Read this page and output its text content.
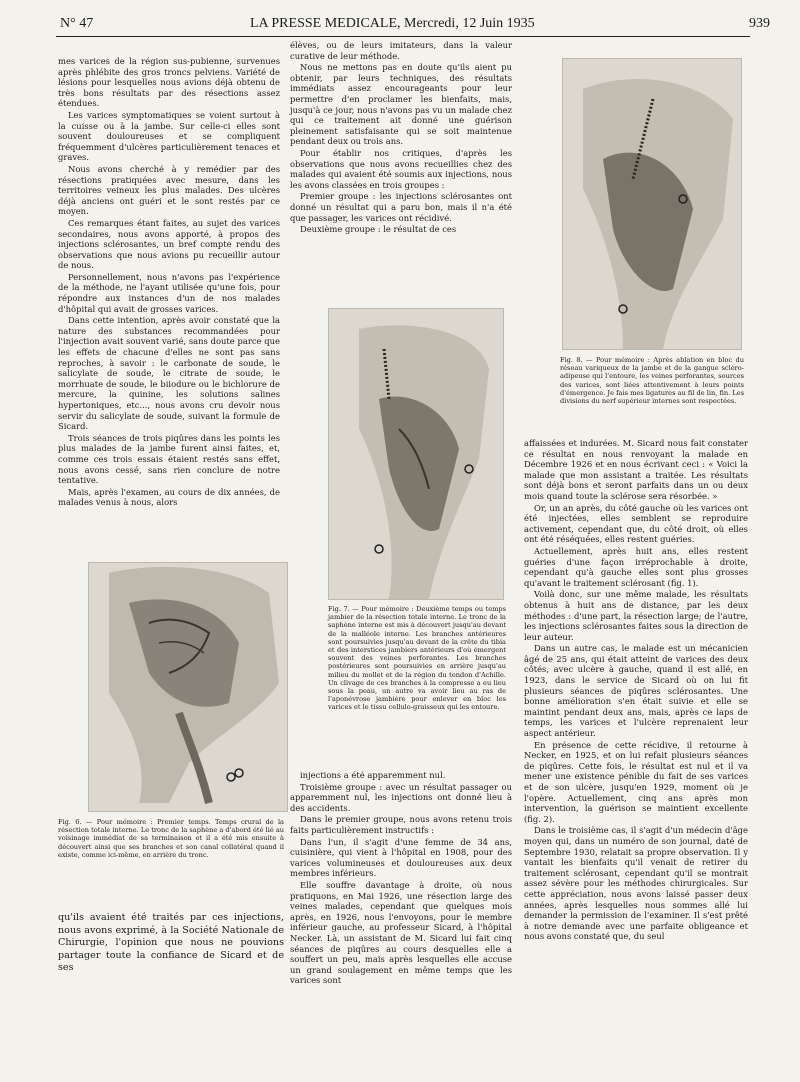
N° 47	LA PRESSE MEDICALE, Mercredi, 12 Juin 1935	939

mes varices de la région sus-pubienne, survenues après phlébite des gros troncs pelviens. Variété de lésions pour lesquelles nous avions déjà obtenu de très bons résultats par des résections assez étendues.

Les varices symptomatiques se voient surtout à la cuisse ou à la jambe. Sur celle-ci elles sont souvent douloureuses et se compliquent fréquemment d'ulcères particulièrement tenaces et graves.

Nous avons cherché à y remédier par des résections pratiquées avec mesure, dans les territoires veineux les plus malades. Des ulcères déjà anciens ont guéri et le sont restés par ce moyen.

Ces remarques étant faites, au sujet des varices secondaires, nous avons apporté, à propos des injections sclérosantes, un bref compte rendu des observations que nous avions pu recueillir autour de nous.

Personnellement, nous n'avons pas l'expérience de la méthode, ne l'ayant utilisée qu'une fois, pour répondre aux instances d'un de nos malades d'hôpital qui avait de grosses varices.

Dans cette intention, après avoir constaté que la nature des substances recommandées pour l'injection avait souvent varié, sans doute parce que les effets de chacune d'elles ne sont pas sans reproches, à savoir : le carbonate de soude, le salicylate de soude, le citrate de soude, le morrhuate de soude, le biiodure ou le bichlorure de mercure, la quinine, les solutions salines hypertoniques, etc..., nous avons cru devoir nous servir du salicylate de soude, suivant la formule de Sicard.

Trois séances de trois piqûres dans les points les plus malades de la jambe furent ainsi faites, et, comme ces trois essais étaient restés sans effet, nous avons cessé, sans rien conclure de notre tentative.

Mais, après l'examen, au cours de dix années, de malades venus à nous, alors

Fig. 6. — Pour mémoire : Premier temps. Temps crural de la résection totale interne. Le tronc de la saphène a d'abord été lié au voisinage immédiat de sa terminaison et il a été mis ensuite à découvert ainsi que ses branches et son canal collatéral quand il existe, comme ici-même, en arrière du tronc.

qu'ils avaient été traités par ces injections, nous avons exprimé, à la Société Nationale de Chirurgie, l'opinion que nous ne pouvions partager toute la confiance de Sicard et de ses

élèves, ou de leurs imitateurs, dans la valeur curative de leur méthode.

Nous ne mettons pas en doute qu'ils aient pu obtenir, par leurs techniques, des résultats immédiats assez encourageants pour leur permettre d'en proclamer les bienfaits, mais, jusqu'à ce jour, nous n'avons pas vu un malade chez qui ce traitement ait donné une guérison pleinement satisfaisante qui se soit maintenue pendant deux ou trois ans.

Pour établir nos critiques, d'après les observations que nous avons recueillies chez des malades qui avaient été soumis aux injections, nous les avons classées en trois groupes :

Premier groupe : les injections sclérosantes ont donné un résultat qui a paru bon, mais il n'a été que passager, les varices ont récidivé.

Deuxième groupe : le résultat de ces

Fig. 7. — Pour mémoire : Deuxième temps ou temps jambier de la résection totale interne. Le tronc de la saphène interne est mis à découvert jusqu'au devant de la malléole interne. Les branches antérieures sont poursuivies jusqu'au devant de la crête du tibia et des interstices jambiers antérieurs d'où émergent souvent des veines perforantes. Les branches postérieures sont poursuivies en arrière jusqu'au milieu du mollet et de la région du tendon d'Achille. Un clivage de ces branches à la compresse a eu lieu sous la peau, un autre va avoir lieu au ras de l'aponévrose jambière pour enlever en bloc les varices et le tissu cellulo-graisseux qui les entoure.

injections a été apparemment nul.

Troisième groupe : avec un résultat passager ou apparemment nul, les injections ont donné lieu à des accidents.

Dans le premier groupe, nous avons retenu trois faits particulièrement instructifs :

Dans l'un, il s'agit d'une femme de 34 ans, cuisinière, qui vient à l'hôpital en 1908, pour des varices volumineuses et douloureuses aux deux membres inférieurs.

Elle souffre davantage à droite, où nous pratiquons, en Mai 1926, une résection large des veines malades, cependant que quelques mois après, en 1926, nous l'envoyons, pour le membre inférieur gauche, au professeur Sicard, à l'hôpital Necker. Là, un assistant de M. Sicard lui fait cinq séances de piqûres au cours desquelles elle a souffert un peu, mais après lesquelles elle accuse un grand soulagement en même temps que les varices sont

Fig. 8. — Pour mémoire : Après ablation en bloc du réseau variqueux de la jambe et de la gangue scléro-adipeuse qui l'entoure, les veines perforantes, sources des varices, sont liées attentivement à leurs points d'émergence. Je fais mes ligatures au fil de lin, fin. Les divisions du nerf supérieur internes sont respectées.

affaissées et indurées. M. Sicard nous fait constater ce résultat en nous renvoyant la malade en Décembre 1926 et en nous écrivant ceci : « Voici la malade que mon assistant a traitée. Les résultats sont déjà bons et seront parfaits dans un ou deux mois quand toute la sclérose sera résorbée. »

Or, un an après, du côté gauche où les varices ont été injectées, elles semblent se reproduire activement, cependant que, du côté droit, où elles ont été réséquées, elles restent guéries.

Actuellement, après huit ans, elles restent guéries d'une façon irréprochable à droite, cependant qu'à gauche elles sont plus grosses qu'avant le traitement sclérosant (fig. 1).

Voilà donc, sur une même malade, les résultats obtenus à huit ans de distance, par les deux méthodes : d'une part, la résection large; de l'autre, les injections sclérosantes faites sous la direction de leur auteur.

Dans un autre cas, le malade est un mécanicien âgé de 25 ans, qui était atteint de varices des deux côtés, avec ulcère à gauche, quand il est allé, en 1923, dans le service de Sicard où on lui fit plusieurs séances de piqûres sclérosantes. Une bonne amélioration s'en était suivie et elle se maintint pendant deux ans, mais, après ce laps de temps, les varices et l'ulcère reprenaient leur aspect antérieur.

En présence de cette récidive, il retourne à Necker, en 1925, et on lui refait plusieurs séances de piqûres. Cette fois, le résultat est nul et il va mener une existence pénible du fait de ses varices et de son ulcère, jusqu'en 1929, moment où je l'opère. Actuellement, cinq ans après mon intervention, la guérison se maintient excellente (fig. 2).

Dans le troisième cas, il s'agit d'un médecin d'âge moyen qui, dans un numéro de son journal, daté de Septembre 1930, relatait sa propre observation. Il y vantait les bienfaits qu'il venait de retirer du traitement sclérosant, cependant qu'il se montrait assez sévère pour les méthodes chirurgicales. Sur cette appréciation, nous avons laissé passer deux années, après lesquelles nous sommes allé lui demander la permission de l'examiner. Il s'est prêté à notre demande avec une parfaite obligeance et nous avons constaté que, du seul
